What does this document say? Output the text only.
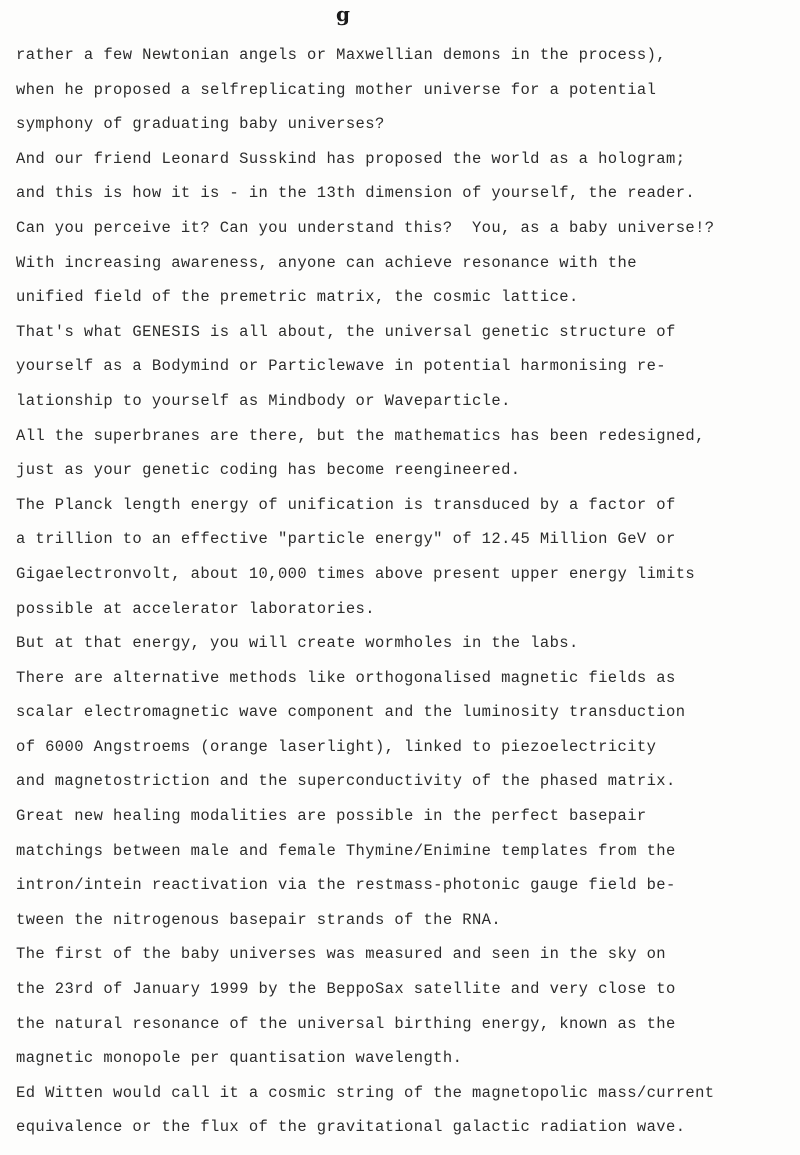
g
rather a few Newtonian angels or Maxwellian demons in the process),
when he proposed a selfreplicating mother universe for a potential
symphony of graduating baby universes?
And our friend Leonard Susskind has proposed the world as a hologram;
and this is how it is - in the 13th dimension of yourself, the reader.
Can you perceive it? Can you understand this?  You, as a baby universe!?
With increasing awareness, anyone can achieve resonance with the
unified field of the premetric matrix, the cosmic lattice.
That's what GENESIS is all about, the universal genetic structure of
yourself as a Bodymind or Particlewave in potential harmonising re-
lationship to yourself as Mindbody or Waveparticle.
All the superbranes are there, but the mathematics has been redesigned,
just as your genetic coding has become reengineered.
The Planck length energy of unification is transduced by a factor of
a trillion to an effective "particle energy" of 12.45 Million GeV or
Gigaelectronvolt, about 10,000 times above present upper energy limits
possible at accelerator laboratories.
But at that energy, you will create wormholes in the labs.
There are alternative methods like orthogonalised magnetic fields as
scalar electromagnetic wave component and the luminosity transduction
of 6000 Angstroems (orange laserlight), linked to piezoelectricity
and magnetostriction and the superconductivity of the phased matrix.
Great new healing modalities are possible in the perfect basepair
matchings between male and female Thymine/Enimine templates from the
intron/intein reactivation via the restmass-photonic gauge field be-
tween the nitrogenous basepair strands of the RNA.
The first of the baby universes was measured and seen in the sky on
the 23rd of January 1999 by the BeppoSax satellite and very close to
the natural resonance of the universal birthing energy, known as the
magnetic monopole per quantisation wavelength.
Ed Witten would call it a cosmic string of the magnetopolic mass/current
equivalence or the flux of the gravitational galactic radiation wave.
